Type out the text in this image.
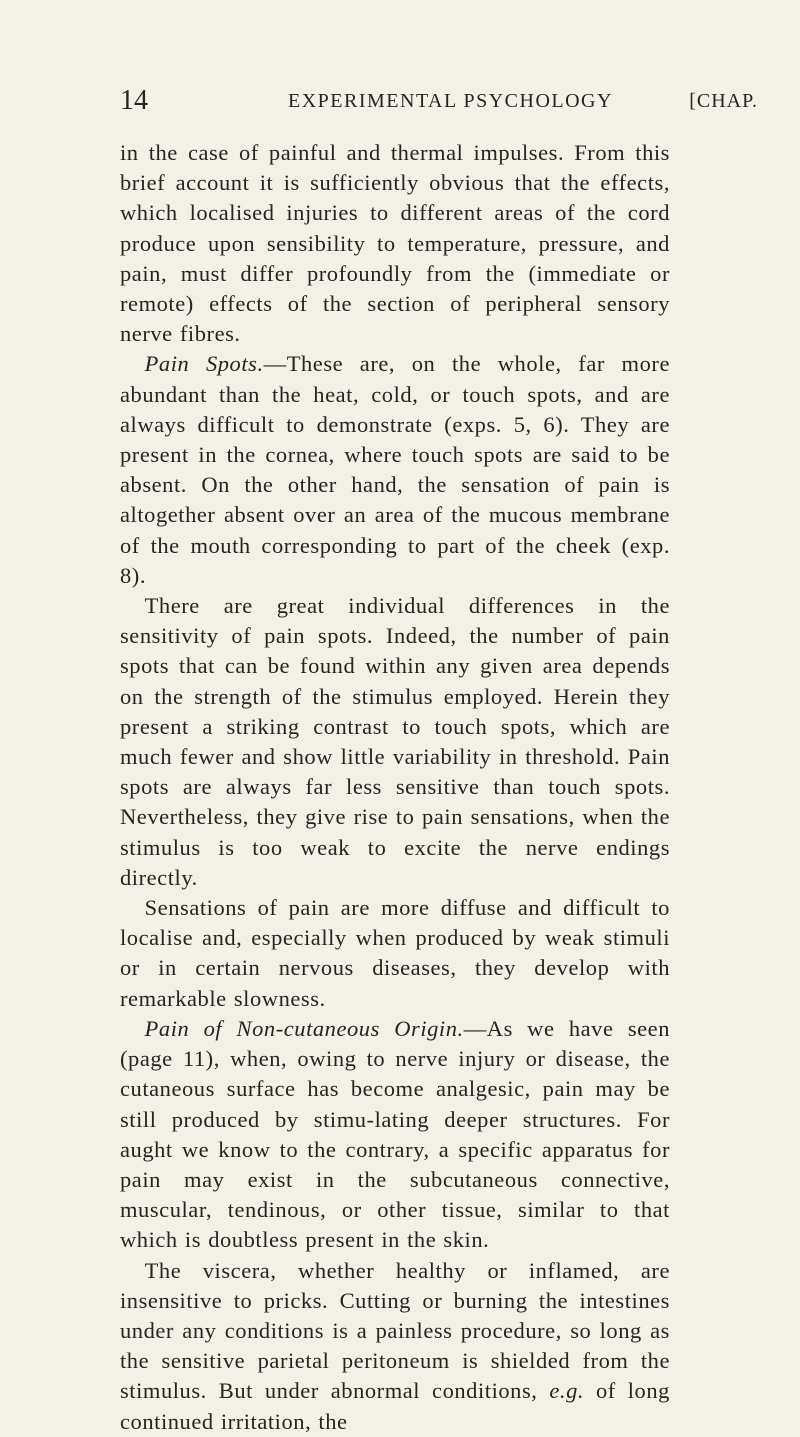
14	EXPERIMENTAL PSYCHOLOGY	[CHAP.

in the case of painful and thermal impulses. From this brief account it is sufficiently obvious that the effects, which localised injuries to different areas of the cord produce upon sensibility to temperature, pressure, and pain, must differ profoundly from the (immediate or remote) effects of the section of peripheral sensory nerve fibres.

  Pain Spots.—These are, on the whole, far more abundant than the heat, cold, or touch spots, and are always difficult to demonstrate (exps. 5, 6). They are present in the cornea, where touch spots are said to be absent. On the other hand, the sensation of pain is altogether absent over an area of the mucous membrane of the mouth corresponding to part of the cheek (exp. 8).

  There are great individual differences in the sensitivity of pain spots. Indeed, the number of pain spots that can be found within any given area depends on the strength of the stimulus employed. Herein they present a striking contrast to touch spots, which are much fewer and show little variability in threshold. Pain spots are always far less sensitive than touch spots. Nevertheless, they give rise to pain sensations, when the stimulus is too weak to excite the nerve endings directly.

  Sensations of pain are more diffuse and difficult to localise and, especially when produced by weak stimuli or in certain nervous diseases, they develop with remarkable slowness.

  Pain of Non-cutaneous Origin.—As we have seen (page 11), when, owing to nerve injury or disease, the cutaneous surface has become analgesic, pain may be still produced by stimu-lating deeper structures. For aught we know to the contrary, a specific apparatus for pain may exist in the subcutaneous connective, muscular, tendinous, or other tissue, similar to that which is doubtless present in the skin.

  The viscera, whether healthy or inflamed, are insensitive to pricks. Cutting or burning the intestines under any conditions is a painless procedure, so long as the sensitive parietal peritoneum is shielded from the stimulus. But under abnormal conditions, e.g. of long continued irritation, the
